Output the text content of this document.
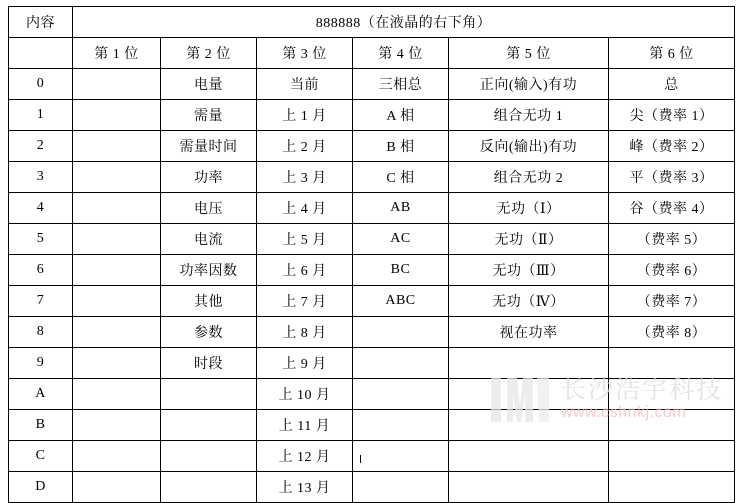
内容	888888（在液晶的右下角）					
	第 1 位	第 2 位	第 3 位	第 4 位	第 5 位	第 6 位
0		电量	当前	三相总	正向(输入)有功	总
1		需量	上 1 月	A 相	组合无功 1	尖（费率 1）
2		需量时间	上 2 月	B 相	反向(输出)有功	峰（费率 2）
3		功率	上 3 月	C 相	组合无功 2	平（费率 3）
4		电压	上 4 月	AB	无功（Ⅰ）	谷（费率 4）
5		电流	上 5 月	AC	无功（Ⅱ）	（费率 5）
6		功率因数	上 6 月	BC	无功（Ⅲ）	（费率 6）
7		其他	上 7 月	ABC	无功（Ⅳ）	（费率 7）
8		参数	上 8 月		视在功率	（费率 8）
9		时段	上 9 月			
A			上 10 月			
B			上 11 月			
C			上 12 月			
D			上 13 月			
长沙浩宇科技
www.cshnkj.com
